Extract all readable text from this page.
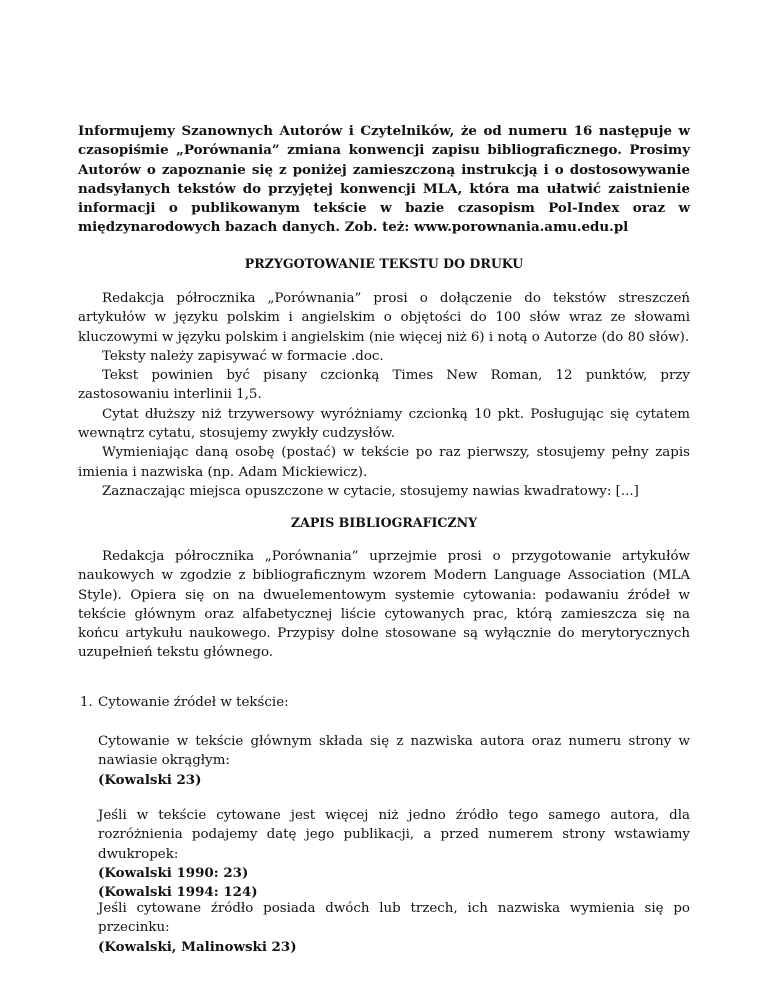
Informujemy Szanownych Autorów i Czytelników, że od numeru 16 następuje w czasopiśmie „Porównania” zmiana konwencji zapisu bibliograficznego. Prosimy Autorów o zapoznanie się z poniżej zamieszczoną instrukcją i o dostosowywanie nadsyłanych tekstów do przyjętej konwencji MLA, która ma ułatwić zaistnienie informacji o publikowanym tekście w bazie czasopism Pol-Index oraz w międzynarodowych bazach danych. Zob. też: www.porownania.amu.edu.pl
PRZYGOTOWANIE TEKSTU DO DRUKU

Redakcja półrocznika „Porównania” prosi o dołączenie do tekstów streszczeń artykułów w języku polskim i angielskim o objętości do 100 słów wraz ze słowami kluczowymi w języku polskim i angielskim (nie więcej niż 6) i notą o Autorze (do 80 słów).

Teksty należy zapisywać w formacie .doc.

Tekst powinien być pisany czcionką Times New Roman, 12 punktów, przy zastosowaniu interlinii 1,5.

Cytat dłuższy niż trzywersowy wyróżniamy czcionką 10 pkt. Posługując się cytatem wewnątrz cytatu, stosujemy zwykły cudzysłów.

Wymieniając daną osobę (postać) w tekście po raz pierwszy, stosujemy pełny zapis imienia i nazwiska (np. Adam Mickiewicz).

Zaznaczając miejsca opuszczone w cytacie, stosujemy nawias kwadratowy: [...]

ZAPIS BIBLIOGRAFICZNY

Redakcja półrocznika „Porównania” uprzejmie prosi o przygotowanie artykułów naukowych w zgodzie z bibliograficznym wzorem Modern Language Association (MLA Style). Opiera się on na dwuelementowym systemie cytowania: podawaniu źródeł w tekście głównym oraz alfabetycznej liście cytowanych prac, którą zamieszcza się na końcu artykułu naukowego. Przypisy dolne stosowane są wyłącznie do merytorycznych uzupełnień tekstu głównego.

1. Cytowanie źródeł w tekście:

Cytowanie w tekście głównym składa się z nazwiska autora oraz numeru strony w nawiasie okrągłym:

(Kowalski 23)

Jeśli w tekście cytowane jest więcej niż jedno źródło tego samego autora, dla rozróżnienia podajemy datę jego publikacji, a przed numerem strony wstawiamy dwukropek:

(Kowalski 1990: 23)
(Kowalski 1994: 124)

Jeśli cytowane źródło posiada dwóch lub trzech, ich nazwiska wymienia się po przecinku:

(Kowalski, Malinowski 23)
